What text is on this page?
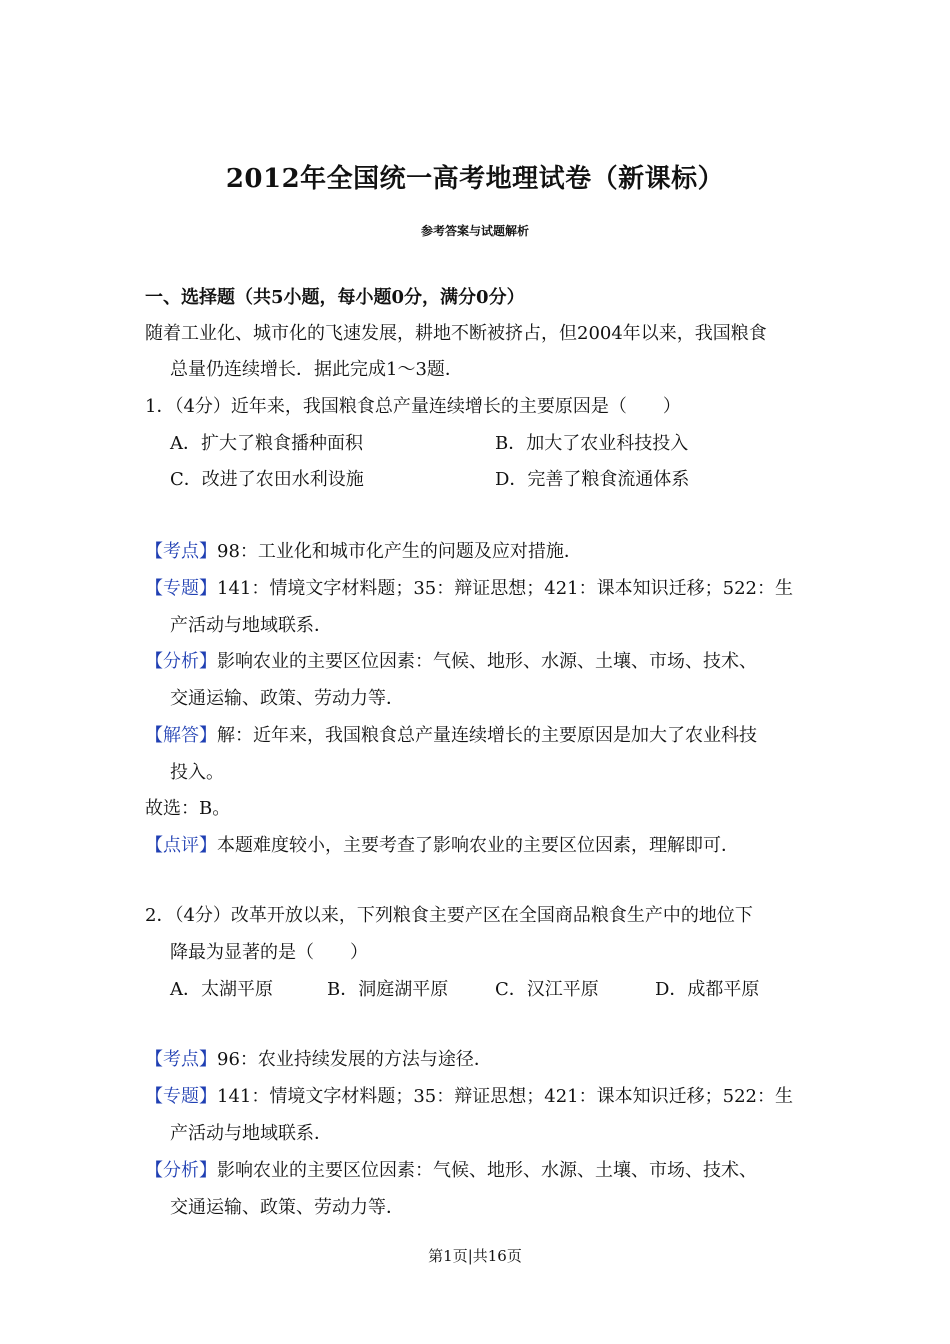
2012年全国统一高考地理试卷（新课标）
参考答案与试题解析
一、选择题（共5小题，每小题0分，满分0分）
随着工业化、城市化的飞速发展，耕地不断被挤占，但2004年以来，我国粮食
总量仍连续增长．据此完成1～3题．
1．（4分）近年来，我国粮食总产量连续增长的主要原因是（　　）
A．扩大了粮食播种面积	B．加大了农业科技投入
C．改进了农田水利设施	D．完善了粮食流通体系
【考点】98：工业化和城市化产生的问题及应对措施．
【专题】141：情境文字材料题；35：辩证思想；421：课本知识迁移；522：生
产活动与地域联系．
【分析】影响农业的主要区位因素：气候、地形、水源、土壤、市场、技术、
交通运输、政策、劳动力等．
【解答】解：近年来，我国粮食总产量连续增长的主要原因是加大了农业科技
投入。
故选：B。
【点评】本题难度较小，主要考查了影响农业的主要区位因素，理解即可．
2．（4分）改革开放以来，下列粮食主要产区在全国商品粮食生产中的地位下
降最为显著的是（　　）
A．太湖平原	B．洞庭湖平原	C．汉江平原	D．成都平原
【考点】96：农业持续发展的方法与途径．
【专题】141：情境文字材料题；35：辩证思想；421：课本知识迁移；522：生
产活动与地域联系．
【分析】影响农业的主要区位因素：气候、地形、水源、土壤、市场、技术、
交通运输、政策、劳动力等．
第1页|共16页
